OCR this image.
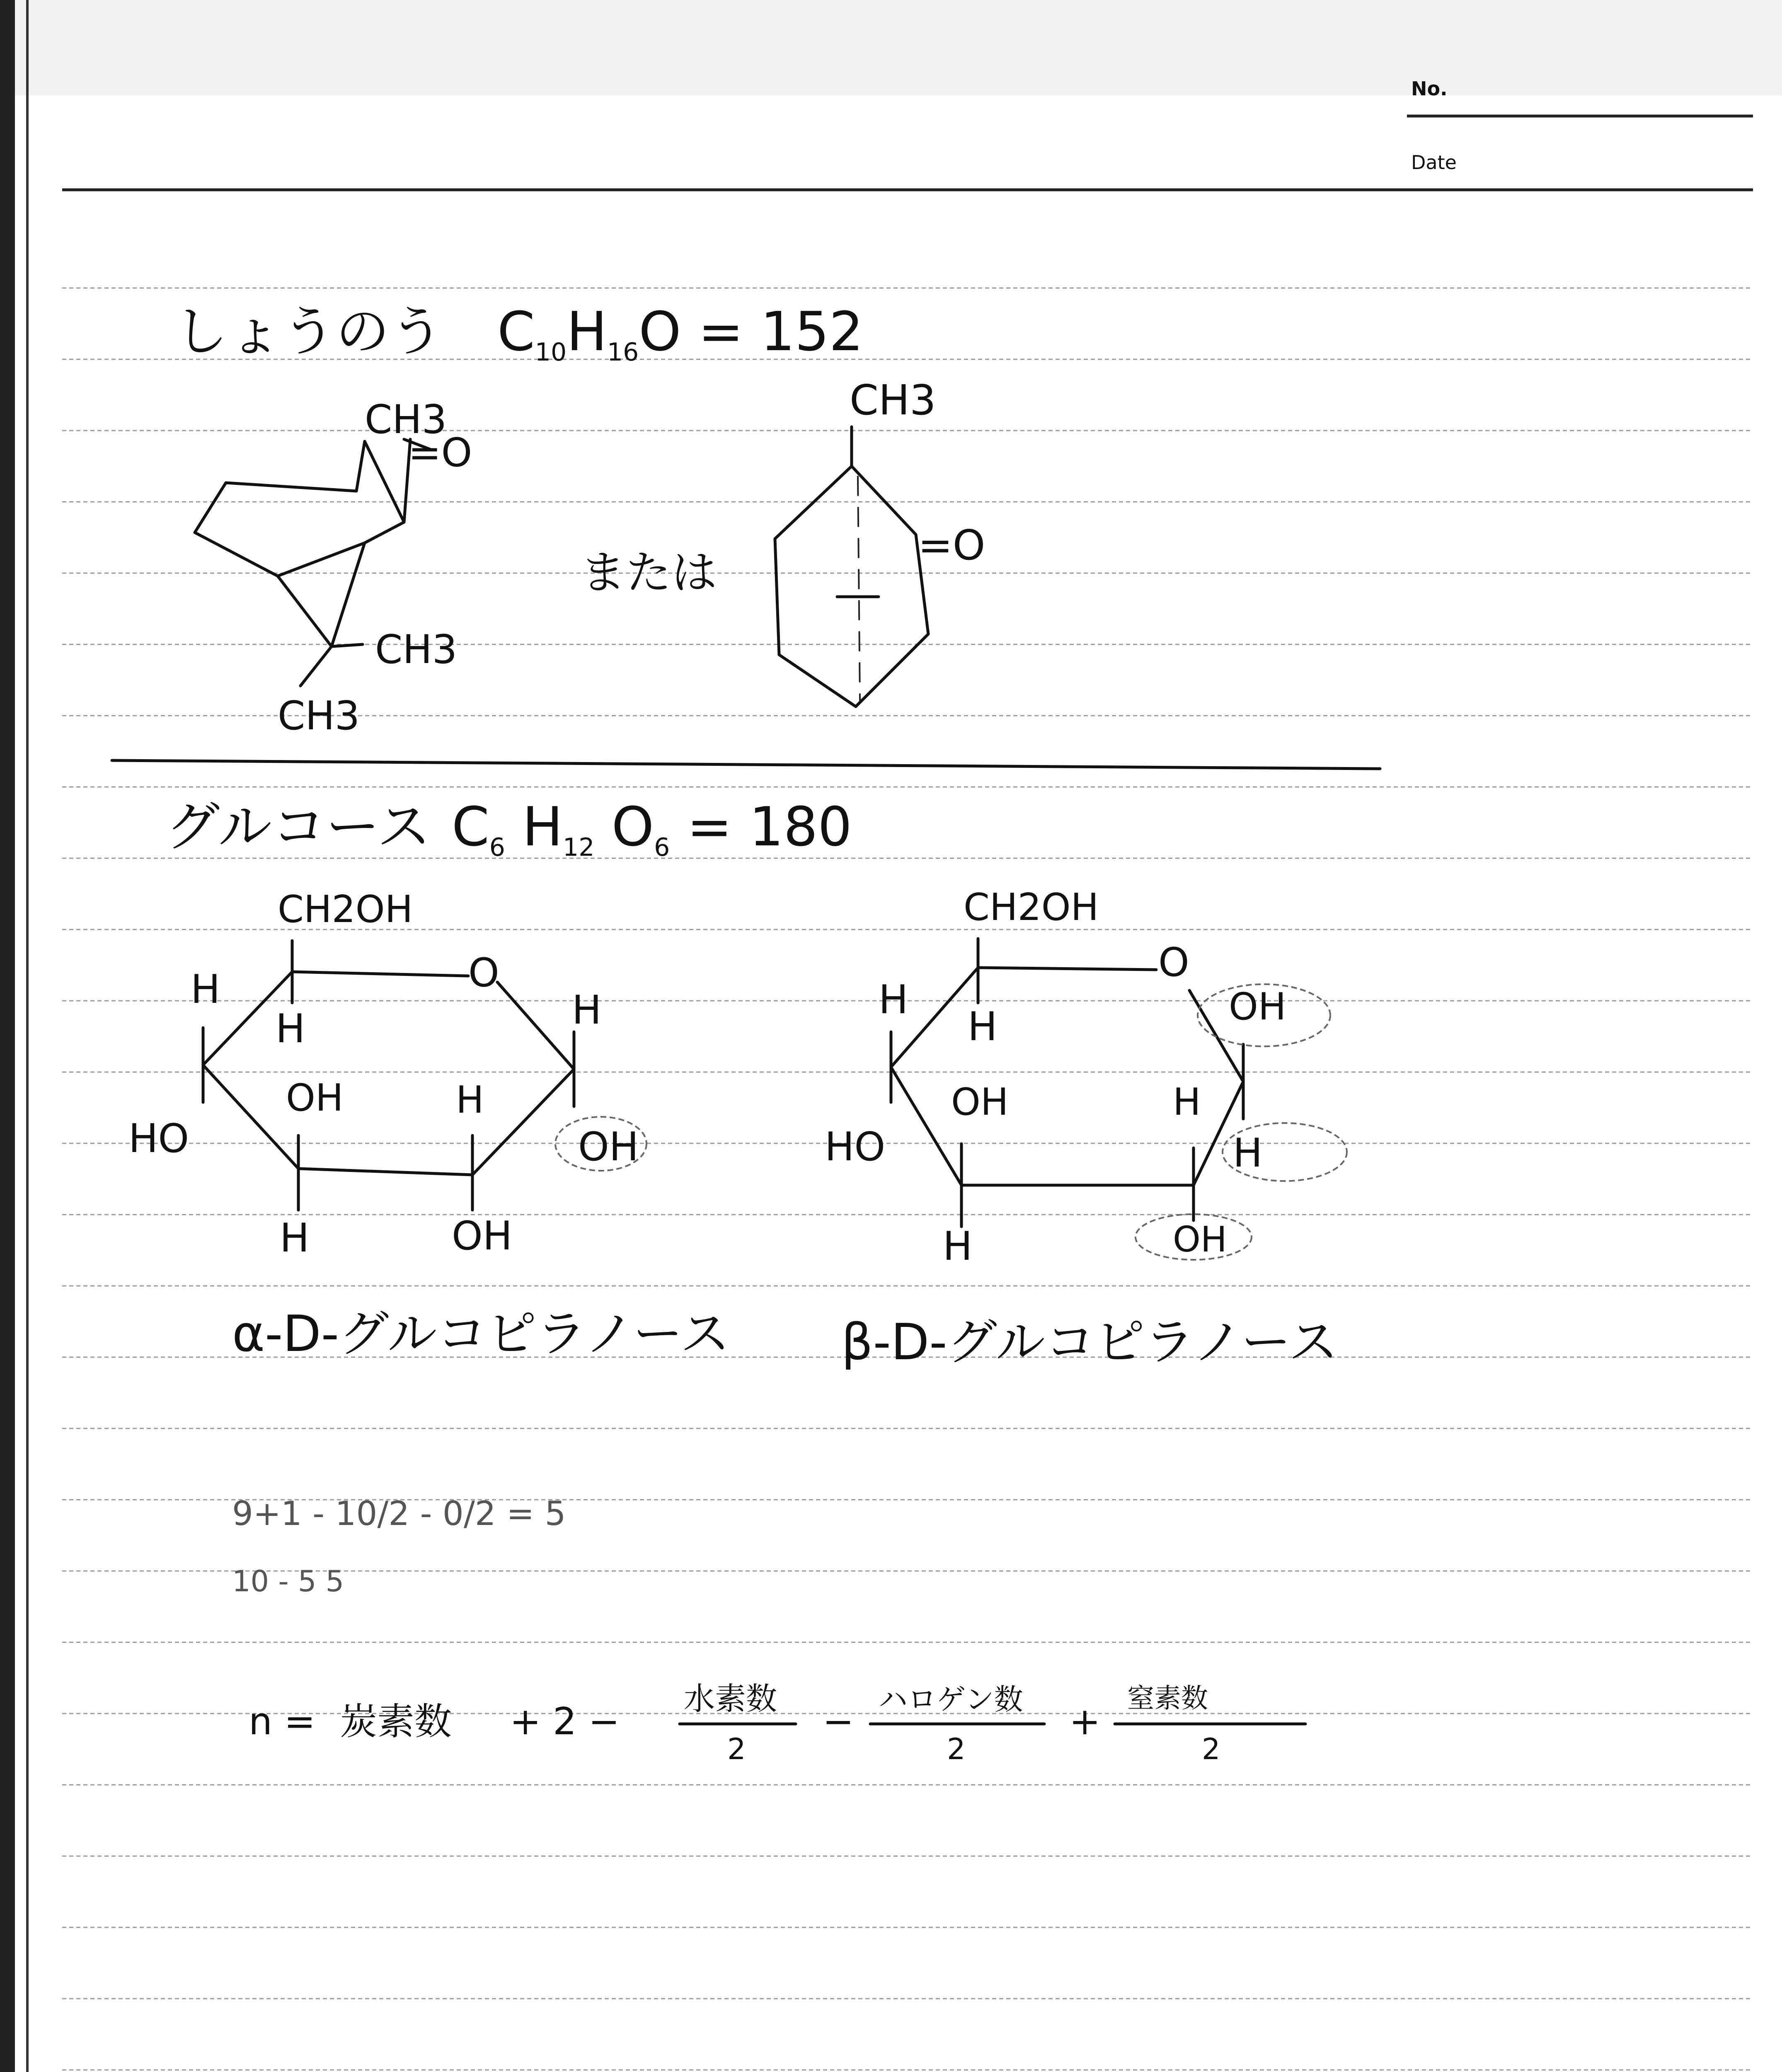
No.
Date
しょうのう C10H16O = 152
CH3
=O
CH3
CH3
または
CH3
=O
グルコース C6 H12 O6 = 180
CH2OH
O
H
OH
H
H
HO
OH	H
H	OH
α-D-グルコピラノース
CH2OH
O
OH
H
H
H
HO
OH	H
H	OH
β-D-グルコピラノース
9+1 - 10/2 - 0/2 = 5
10 - 5 5
n = 炭素数 + 2 −
水素数
2
−
ハロゲン数
2
+
窒素数
2
